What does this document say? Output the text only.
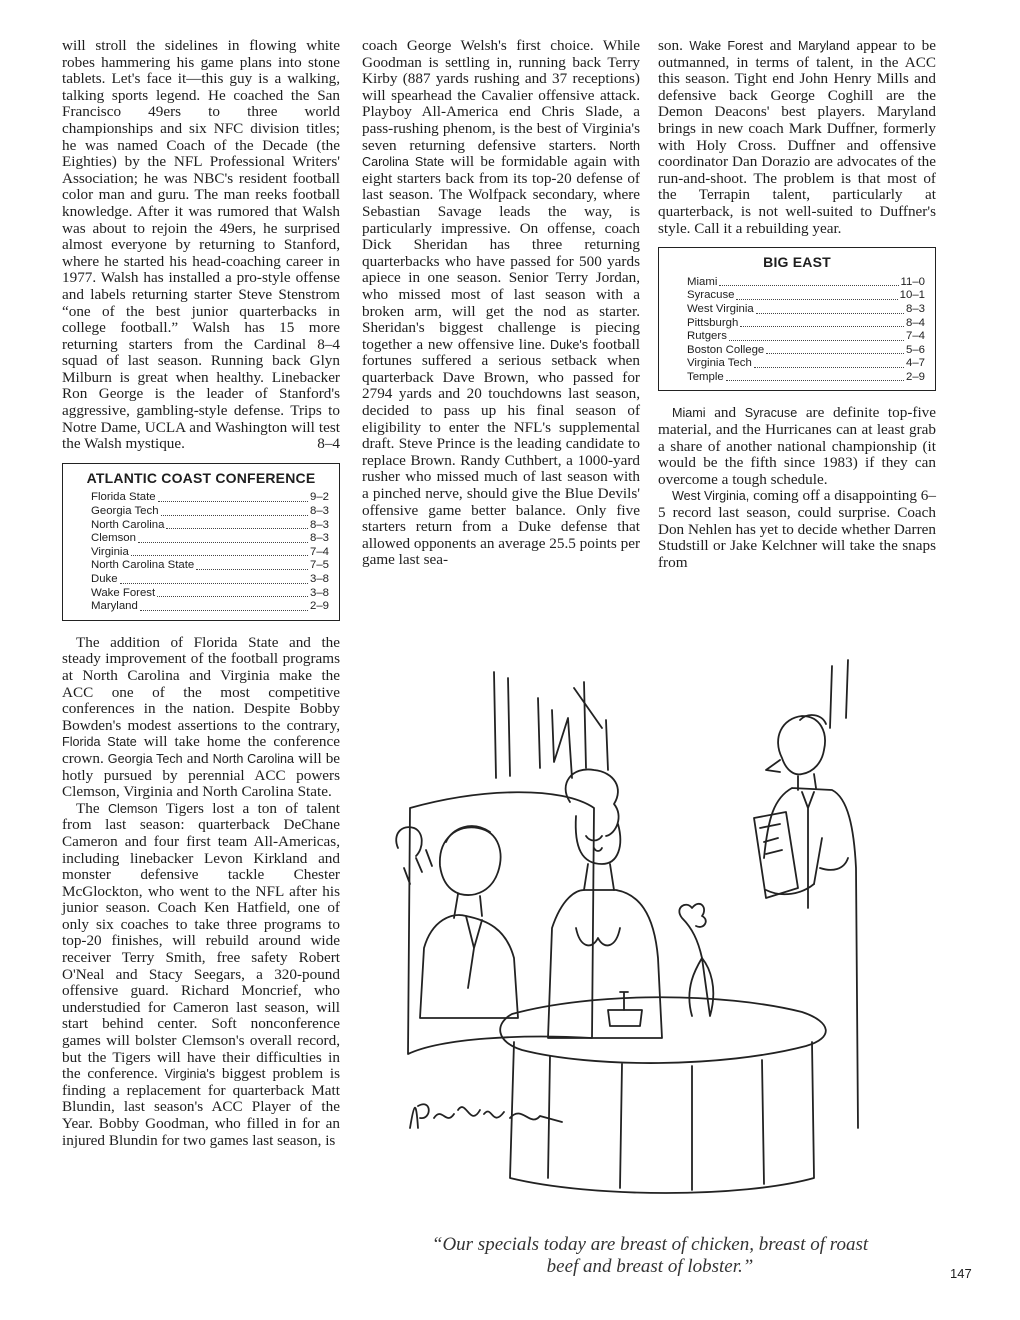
will stroll the sidelines in flowing white robes hammering his game plans into stone tablets. Let's face it—this guy is a walking, talking sports legend. He coached the San Francisco 49ers to three world championships and six NFC division titles; he was named Coach of the Decade (the Eighties) by the NFL Professional Writers' Association; he was NBC's resident football color man and guru. The man reeks football knowledge. After it was rumored that Walsh was about to rejoin the 49ers, he surprised almost everyone by returning to Stanford, where he started his head-coaching career in 1977. Walsh has installed a pro-style offense and labels returning starter Steve Stenstrom “one of the best junior quarterbacks in college football.” Walsh has 15 more returning starters from the Cardinal 8–4 squad of last season. Running back Glyn Milburn is great when healthy. Linebacker Ron George is the leader of Stanford's aggressive, gambling-style defense. Trips to Notre Dame, UCLA and Washington will test the Walsh mystique.	8–4

ATLANTIC COAST CONFERENCE
Florida State	9–2
Georgia Tech	8–3
North Carolina	8–3
Clemson	8–3
Virginia	7–4
North Carolina State	7–5
Duke	3–8
Wake Forest	3–8
Maryland	2–9

The addition of Florida State and the steady improvement of the football programs at North Carolina and Virginia make the ACC one of the most competitive conferences in the nation. Despite Bobby Bowden's modest assertions to the contrary, Florida State will take home the conference crown. Georgia Tech and North Carolina will be hotly pursued by perennial ACC powers Clemson, Virginia and North Carolina State.

The Clemson Tigers lost a ton of talent from last season: quarterback DeChane Cameron and four first team All-Americas, including linebacker Levon Kirkland and monster defensive tackle Chester McGlockton, who went to the NFL after his junior season. Coach Ken Hatfield, one of only six coaches to take three programs to top-20 finishes, will rebuild around wide receiver Terry Smith, free safety Robert O'Neal and Stacy Seegars, a 320-pound offensive guard. Richard Moncrief, who understudied for Cameron last season, will start behind center. Soft nonconference games will bolster Clemson's overall record, but the Tigers will have their difficulties in the conference. Virginia's biggest problem is finding a replacement for quarterback Matt Blundin, last season's ACC Player of the Year. Bobby Goodman, who filled in for an injured Blundin for two games last season, is

coach George Welsh's first choice. While Goodman is settling in, running back Terry Kirby (887 yards rushing and 37 receptions) will spearhead the Cavalier offensive attack. Playboy All-America end Chris Slade, a pass-rushing phenom, is the best of Virginia's seven returning defensive starters. North Carolina State will be formidable again with eight starters back from its top-20 defense of last season. The Wolfpack secondary, where Sebastian Savage leads the way, is particularly impressive. On offense, coach Dick Sheridan has three returning quarterbacks who have passed for 500 yards apiece in one season. Senior Terry Jordan, who missed most of last season with a broken arm, will get the nod as starter. Sheridan's biggest challenge is piecing together a new offensive line. Duke's football fortunes suffered a serious setback when quarterback Dave Brown, who passed for 2794 yards and 20 touchdowns last season, decided to pass up his final season of eligibility to enter the NFL's supplemental draft. Steve Prince is the leading candidate to replace Brown. Randy Cuthbert, a 1000-yard rusher who missed much of last season with a pinched nerve, should give the Blue Devils' offensive game better balance. Only five starters return from a Duke defense that allowed opponents an average 25.5 points per game last sea-

son. Wake Forest and Maryland appear to be outmanned, in terms of talent, in the ACC this season. Tight end John Henry Mills and defensive back George Coghill are the Demon Deacons' best players. Maryland brings in new coach Mark Duffner, formerly with Holy Cross. Duffner and offensive coordinator Dan Dorazio are advocates of the run-and-shoot. The problem is that most of the Terrapin talent, particularly at quarterback, is not well-suited to Duffner's style. Call it a rebuilding year.

BIG EAST
Miami	11–0
Syracuse	10–1
West Virginia	8–3
Pittsburgh	8–4
Rutgers	7–4
Boston College	5–6
Virginia Tech	4–7
Temple	2–9

Miami and Syracuse are definite top-five material, and the Hurricanes can at least grab a share of another national championship (it would be the fifth since 1983) if they can overcome a tough schedule.

West Virginia, coming off a disappointing 6–5 record last season, could surprise. Coach Don Nehlen has yet to decide whether Darren Studstill or Jake Kelchner will take the snaps from

Rolston
“Our specials today are breast of chicken, breast of roast beef and breast of lobster.”	147
